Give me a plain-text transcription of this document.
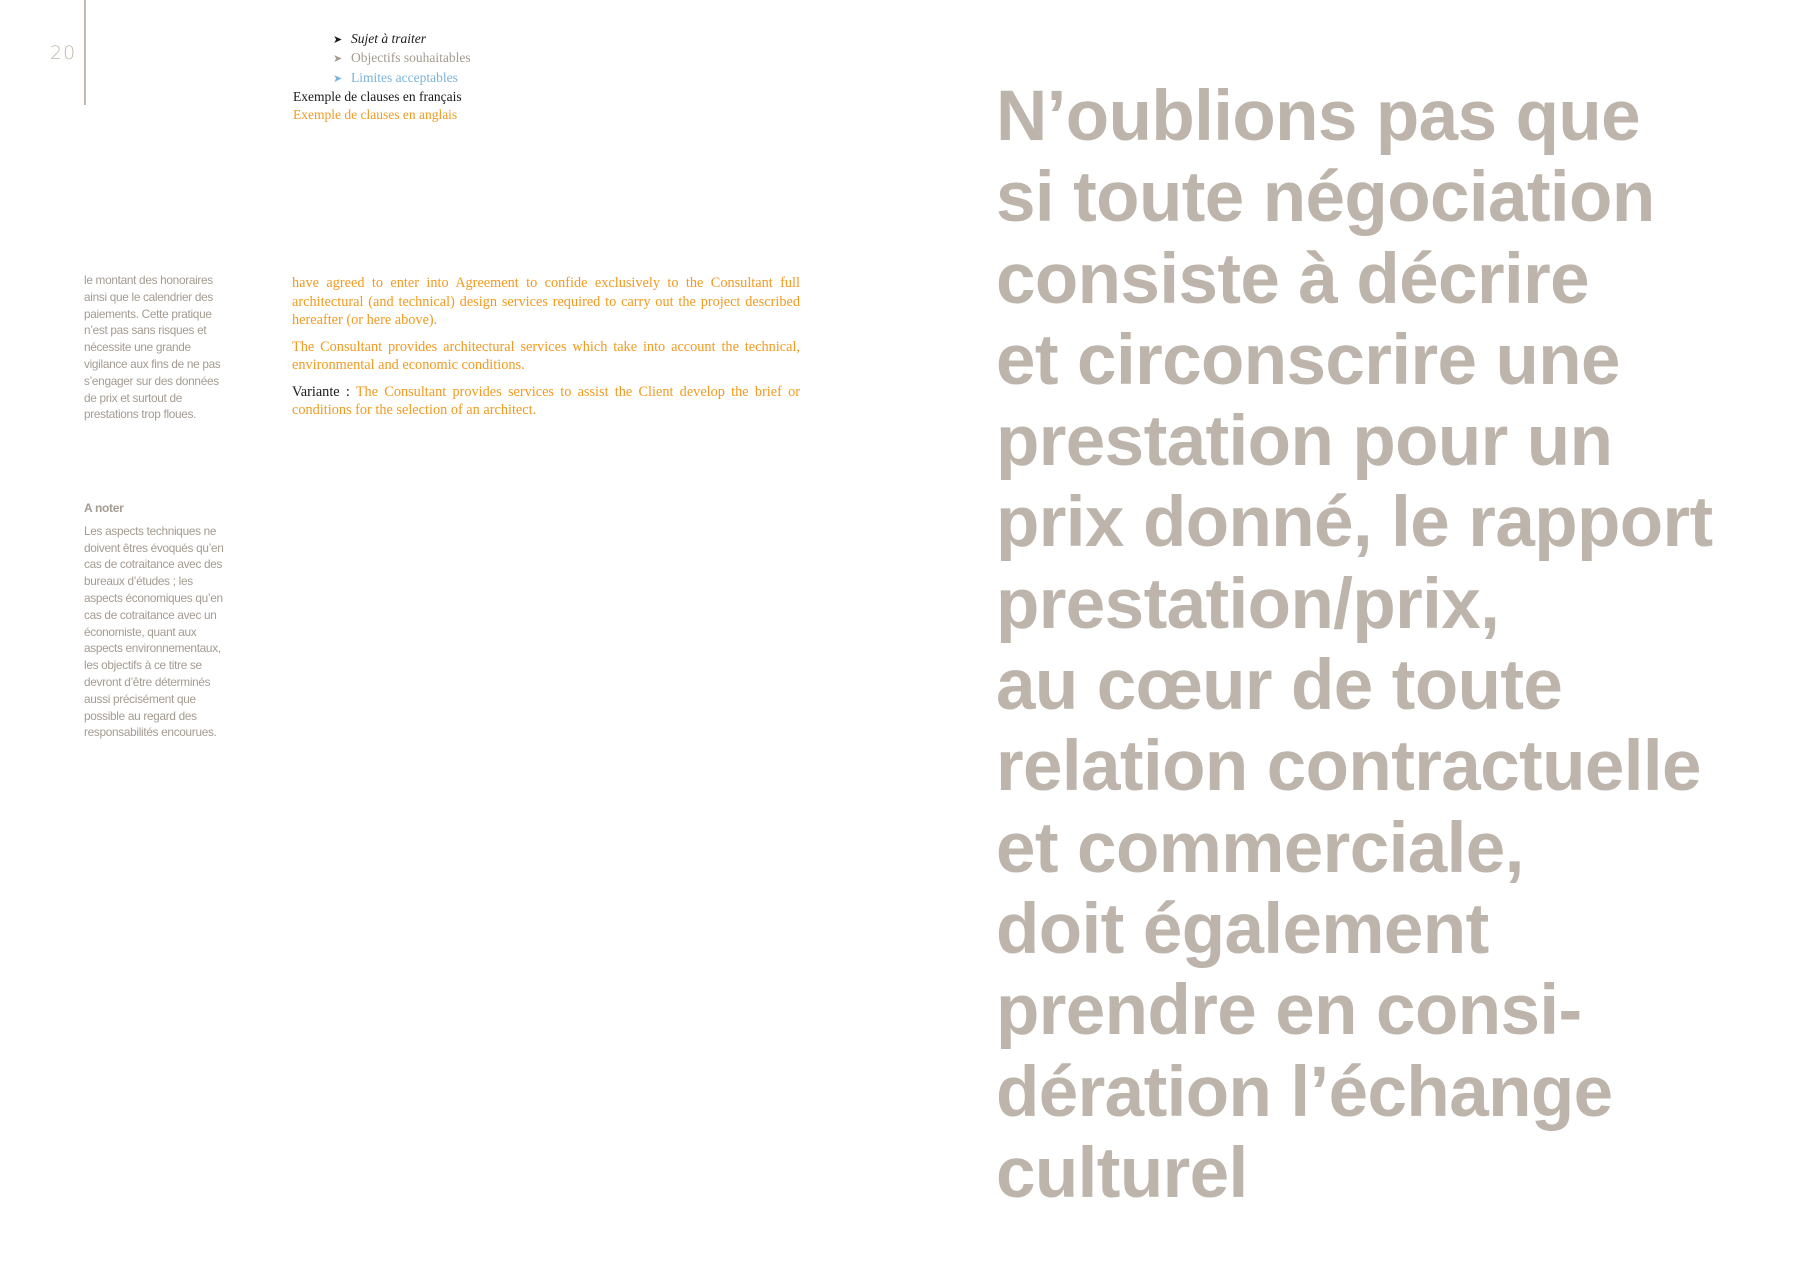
20
➤ Sujet à traiter
➤ Objectifs souhaitables
➤ Limites acceptables
Exemple de clauses en français
Exemple de clauses en anglais

le montant des honoraires ainsi que le calendrier des paiements. Cette pratique n’est pas sans risques et nécessite une grande vigilance aux fins de ne pas s’engager sur des données de prix et surtout de prestations trop floues.

A noter

Les aspects techniques ne doivent êtres évoqués qu’en cas de cotraitance avec des bureaux d’études ; les aspects économiques qu’en cas de cotraitance avec un économiste, quant aux aspects environnementaux, les objectifs à ce titre se devront d’être déterminés aussi précisément que possible au regard des responsabilités encourues.

have agreed to enter into Agreement to confide exclusively to the Consultant full architectural (and technical) design services required to carry out the project described hereafter (or here above).

The Consultant provides architectural services which take into account the technical, environmental and economic conditions.

Variante : The Consultant provides services to assist the Client develop the brief or conditions for the selection of an architect.

N’oublions pas que
si toute négociation
consiste à décrire
et circonscrire une
prestation pour un
prix donné, le rapport
prestation/prix,
au cœur de toute
relation contractuelle
et commerciale,
doit également
prendre en consi-
dération l’échange
culturel
